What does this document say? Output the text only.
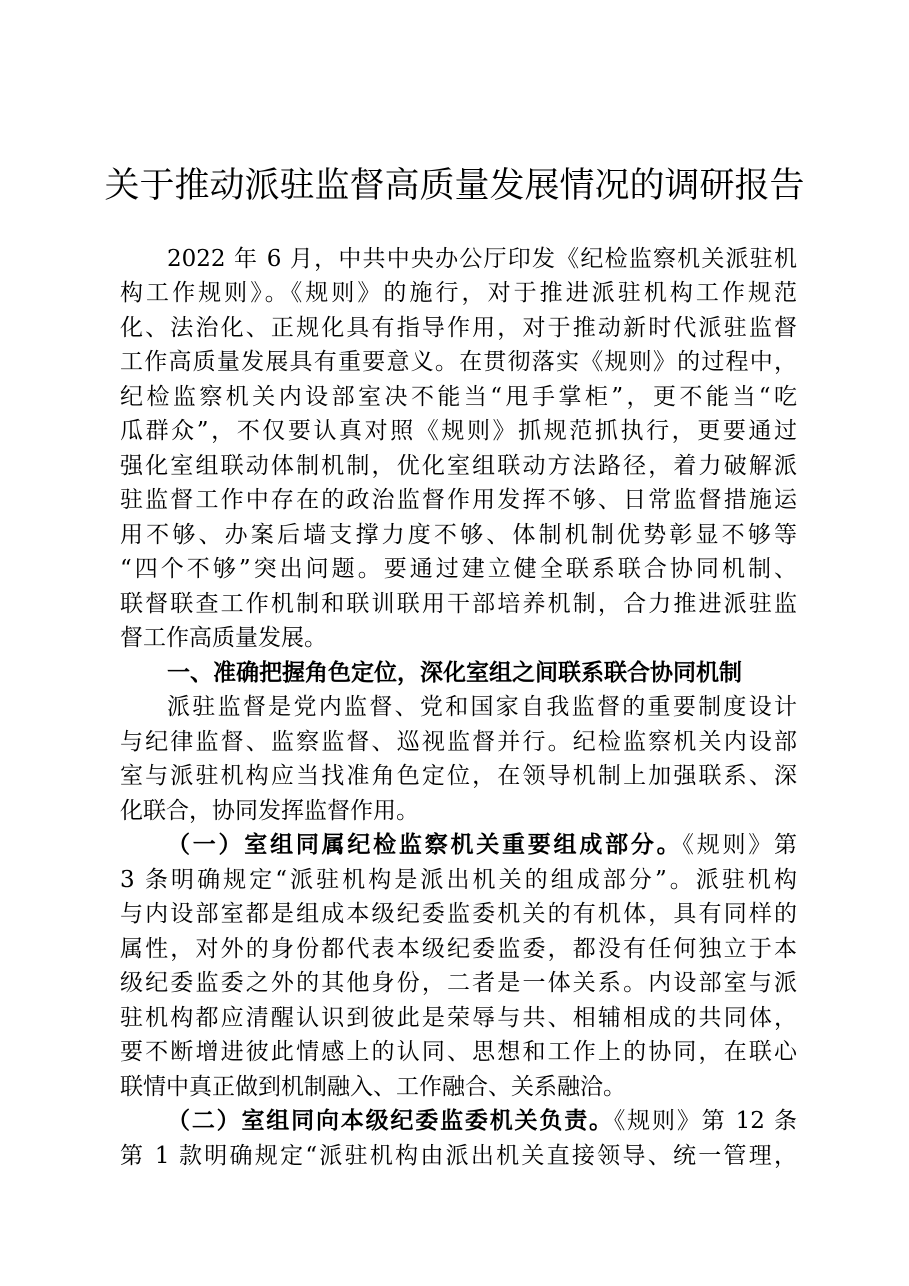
关于推动派驻监督高质量发展情况的调研报告
2022 年 6 月，中共中央办公厅印发《纪检监察机关派驻机
构工作规则》。《规则》的施行，对于推进派驻机构工作规范
化、法治化、正规化具有指导作用，对于推动新时代派驻监督
工作高质量发展具有重要意义。在贯彻落实《规则》的过程中，
纪检监察机关内设部室决不能当“甩手掌柜”，更不能当“吃
瓜群众”，不仅要认真对照《规则》抓规范抓执行，更要通过
强化室组联动体制机制，优化室组联动方法路径，着力破解派
驻监督工作中存在的政治监督作用发挥不够、日常监督措施运
用不够、办案后墙支撑力度不够、体制机制优势彰显不够等
“四个不够”突出问题。要通过建立健全联系联合协同机制、
联督联查工作机制和联训联用干部培养机制，合力推进派驻监
督工作高质量发展。
一、准确把握角色定位，深化室组之间联系联合协同机制
派驻监督是党内监督、党和国家自我监督的重要制度设计
与纪律监督、监察监督、巡视监督并行。纪检监察机关内设部
室与派驻机构应当找准角色定位，在领导机制上加强联系、深
化联合，协同发挥监督作用。
（一）室组同属纪检监察机关重要组成部分。《规则》第
3 条明确规定“派驻机构是派出机关的组成部分”。派驻机构
与内设部室都是组成本级纪委监委机关的有机体，具有同样的
属性，对外的身份都代表本级纪委监委，都没有任何独立于本
级纪委监委之外的其他身份，二者是一体关系。内设部室与派
驻机构都应清醒认识到彼此是荣辱与共、相辅相成的共同体，
要不断增进彼此情感上的认同、思想和工作上的协同，在联心
联情中真正做到机制融入、工作融合、关系融洽。
（二）室组同向本级纪委监委机关负责。《规则》第 12 条
第 1 款明确规定“派驻机构由派出机关直接领导、统一管理，
